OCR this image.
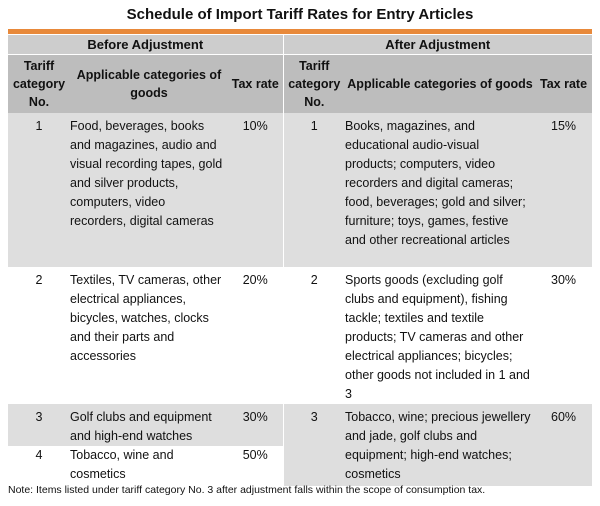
Schedule of Import Tariff Rates for Entry Articles
Before Adjustment			After Adjustment		
Tariff category No.	Applicable categories of goods	Tax rate	Tariff category No.	Applicable categories of goods	Tax rate
1	Food, beverages, books and magazines, audio and visual recording tapes, gold and silver products, computers, video recorders, digital cameras	10%	1	Books, magazines, and educational audio-visual products; computers, video recorders and digital cameras; food, beverages; gold and silver; furniture; toys, games, festive and other recreational articles	15%
2	Textiles, TV cameras, other electrical appliances, bicycles, watches, clocks and their parts and accessories	20%	2	Sports goods (excluding golf clubs and equipment), fishing tackle; textiles and textile products; TV cameras and other electrical appliances; bicycles; other goods not included in 1 and 3	30%
3	Golf clubs and equipment and high-end watches	30%	3	Tobacco, wine; precious jewellery and jade, golf clubs and equipment; high-end watches; cosmetics	60%
4	Tobacco, wine and cosmetics	50%			
Note: Items listed under tariff category No. 3 after adjustment falls within the scope of consumption tax.
